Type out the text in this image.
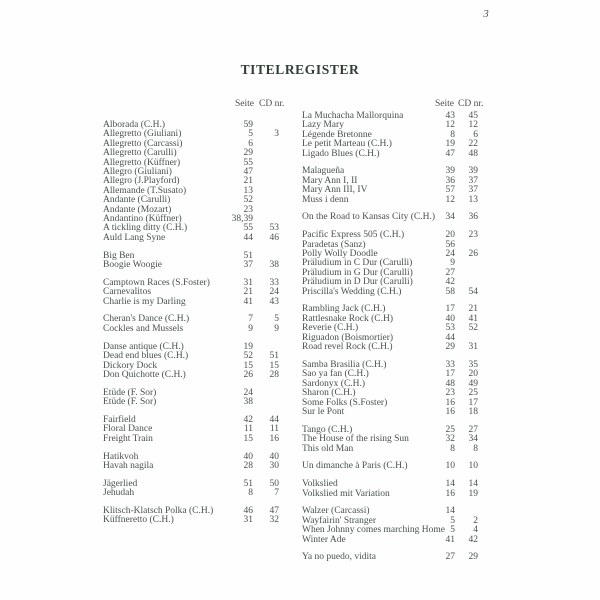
3
TITELREGISTER
Seite CD nr.	Seite CD nr.
Alborada (C.H.)	59
Allegretto (Giuliani)	5	3
Allegretto (Carcassi)	6
Allegretto (Carulli)	29
Allegretto (Küffner)	55
Allegro (Giuliani)	47
Allegro (J.Playford)	21
Allemande (T.Susato)	13
Andante (Carulli)	52
Andante (Mozart)	23
Andantino (Küffner)	38,39
A tickling ditty (C.H.)	55	53
Auld Lang Syne	44	46
Big Ben	51
Boogie Woogie	37	38
Camptown Races (S.Foster)	31	33
Carnevalitos	21	24
Charlie is my Darling	41	43
Cheran's Dance (C.H.)	7	5
Cockles and Mussels	9	9
Danse antique (C.H.)	19
Dead end blues (C.H.)	52	51
Dickory Dock	15	15
Don Quichotte (C.H.)	26	28
Etüde (F. Sor)	24
Etüde (F. Sor)	38
Fairfield	42	44
Floral Dance	11	11
Freight Train	15	16
Hatikvoh	40	40
Havah nagila	28	30
Jägerlied	51	50
Jehudah	8	7
Klitsch-Klatsch Polka (C.H.)	46	47
Küffneretto (C.H.)	31	32
La Muchacha Mallorquina	43	45
Lazy Mary	12	12
Légende Bretonne	8	6
Le petit Marteau (C.H.)	19	22
Ligado Blues (C.H.)	47	48
Malagueña	39	39
Mary Ann I, II	36	37
Mary Ann III, IV	57	37
Muss i denn	12	13
On the Road to Kansas City (C.H.)	34	36
Pacific Express 505 (C.H.)	20	23
Paradetas (Sanz)	56
Polly Wolly Doodle	24	26
Präludium in C Dur (Carulli)	9
Präludium in G Dur (Carulli)	27
Präludium in D Dur (Carulli)	42
Priscilla's Wedding (C.H.)	58	54
Rambling Jack (C.H.)	17	21
Rattlesnake Rock (C.H)	40	41
Reverie (C.H.)	53	52
Riguadon (Boismortier)	44
Road revel Rock (C.H.)	29	31
Samba Brasilia (C.H.)	33	35
Sao ya fan (C.H.)	17	20
Sardonyx (C.H.)	48	49
Sharon (C.H.)	23	25
Some Folks (S.Foster)	16	17
Sur le Pont	16	18
Tango (C.H.)	25	27
The House of the rising Sun	32	34
This old Man	8	8
Un dimanche à Paris (C.H.)	10	10
Volkslied	14	14
Volkslied mit Variation	16	19
Walzer (Carcassi)	14
Wayfairin' Stranger	5	2
When Johnny comes marching Home 5	4
Winter Ade	41	42
Ya no puedo, vidita	27	29
